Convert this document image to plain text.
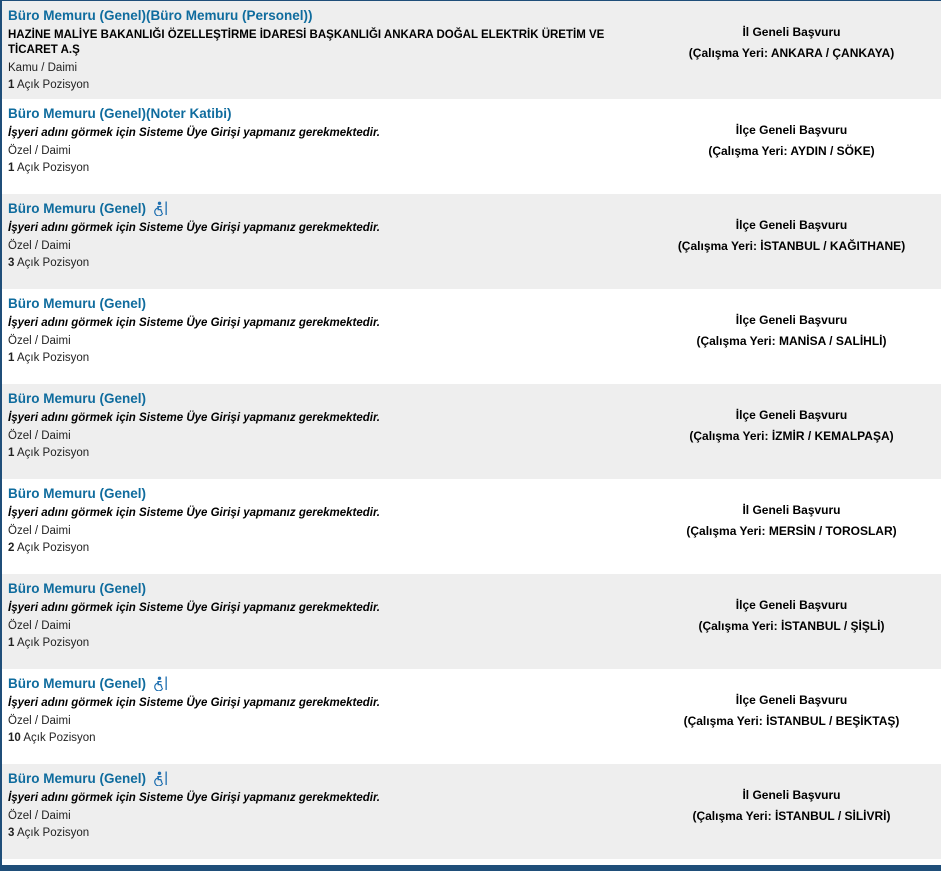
Büro Memuru (Genel)(Büro Memuru (Personel))
HAZİNE MALİYE BAKANLIĞI ÖZELLEŞTİRME İDARESİ BAŞKANLIĞI ANKARA DOĞAL ELEKTRİK ÜRETİM VE TİCARET A.Ş
Kamu / Daimi
1 Açık Pozisyon
İl Geneli Başvuru
(Çalışma Yeri: ANKARA / ÇANKAYA)
Büro Memuru (Genel)(Noter Katibi)
İşyeri adını görmek için Sisteme Üye Girişi yapmanız gerekmektedir.
Özel / Daimi
1 Açık Pozisyon
İlçe Geneli Başvuru
(Çalışma Yeri: AYDIN / SÖKE)
Büro Memuru (Genel)
İşyeri adını görmek için Sisteme Üye Girişi yapmanız gerekmektedir.
Özel / Daimi
3 Açık Pozisyon
İlçe Geneli Başvuru
(Çalışma Yeri: İSTANBUL / KAĞITHANE)
Büro Memuru (Genel)
İşyeri adını görmek için Sisteme Üye Girişi yapmanız gerekmektedir.
Özel / Daimi
1 Açık Pozisyon
İlçe Geneli Başvuru
(Çalışma Yeri: MANİSA / SALİHLİ)
Büro Memuru (Genel)
İşyeri adını görmek için Sisteme Üye Girişi yapmanız gerekmektedir.
Özel / Daimi
1 Açık Pozisyon
İlçe Geneli Başvuru
(Çalışma Yeri: İZMİR / KEMALPAŞA)
Büro Memuru (Genel)
İşyeri adını görmek için Sisteme Üye Girişi yapmanız gerekmektedir.
Özel / Daimi
2 Açık Pozisyon
İl Geneli Başvuru
(Çalışma Yeri: MERSİN / TOROSLAR)
Büro Memuru (Genel)
İşyeri adını görmek için Sisteme Üye Girişi yapmanız gerekmektedir.
Özel / Daimi
1 Açık Pozisyon
İlçe Geneli Başvuru
(Çalışma Yeri: İSTANBUL / ŞİŞLİ)
Büro Memuru (Genel)
İşyeri adını görmek için Sisteme Üye Girişi yapmanız gerekmektedir.
Özel / Daimi
10 Açık Pozisyon
İlçe Geneli Başvuru
(Çalışma Yeri: İSTANBUL / BEŞİKTAŞ)
Büro Memuru (Genel)
İşyeri adını görmek için Sisteme Üye Girişi yapmanız gerekmektedir.
Özel / Daimi
3 Açık Pozisyon
İl Geneli Başvuru
(Çalışma Yeri: İSTANBUL / SİLİVRİ)
